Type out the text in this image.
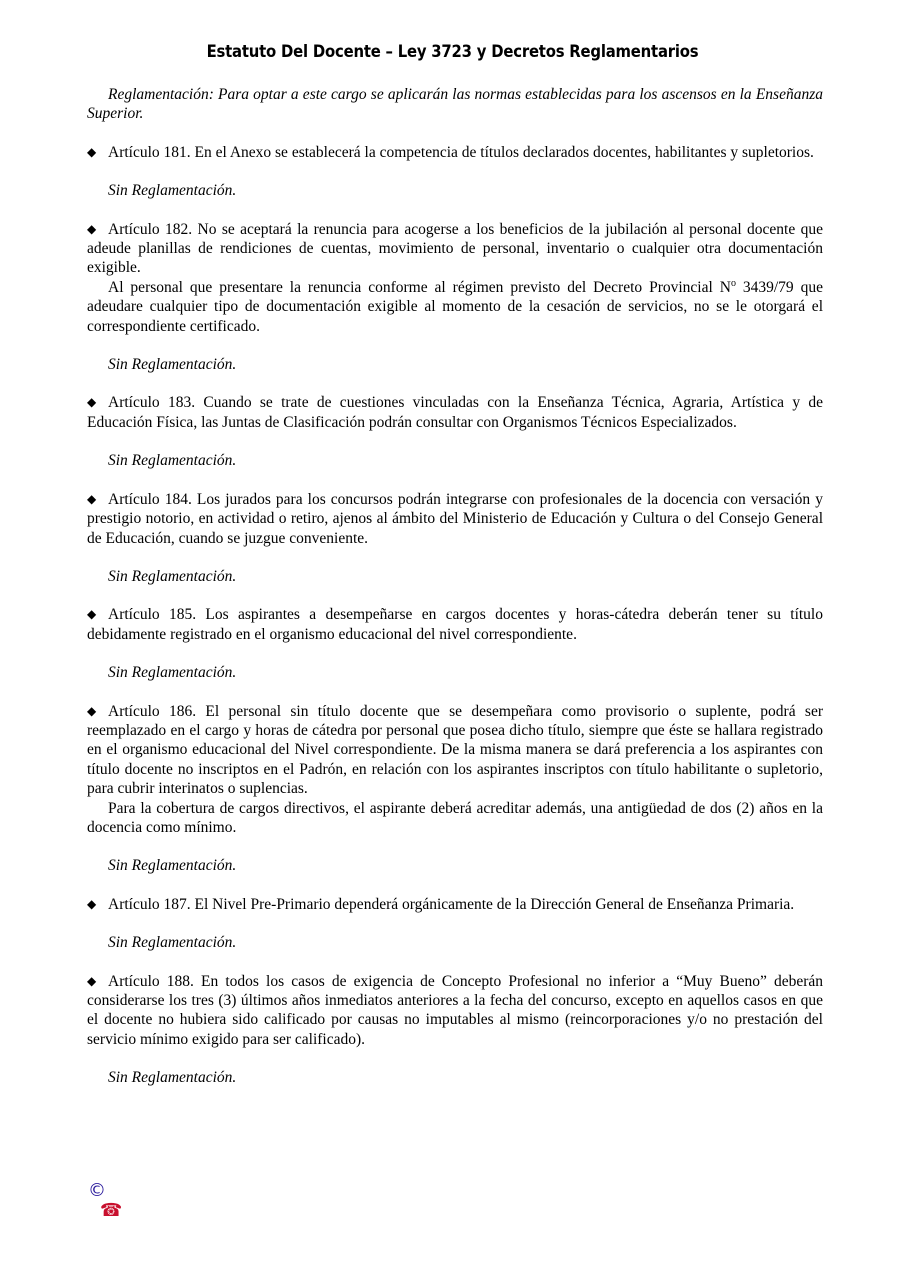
Estatuto Del Docente – Ley 3723 y Decretos Reglamentarios

Reglamentación: Para optar a este cargo se aplicarán las normas establecidas para los ascensos en la Enseñanza Superior.

◆ Artículo 181. En el Anexo se establecerá la competencia de títulos declarados docentes, habilitantes y supletorios.

Sin Reglamentación.

◆ Artículo 182. No se aceptará la renuncia para acogerse a los beneficios de la jubilación al personal docente que adeude planillas de rendiciones de cuentas, movimiento de personal, inventario o cualquier otra documentación exigible.

Al personal que presentare la renuncia conforme al régimen previsto del Decreto Provincial $N^o$ 3439/79 que adeudare cualquier tipo de documentación exigible al momento de la cesación de servicios, no se le otorgará el correspondiente certificado.

Sin Reglamentación.

◆ Artículo 183. Cuando se trate de cuestiones vinculadas con la Enseñanza Técnica, Agraria, Artística y de Educación Física, las Juntas de Clasificación podrán consultar con Organismos Técnicos Especializados.

Sin Reglamentación.

◆ Artículo 184. Los jurados para los concursos podrán integrarse con profesionales de la docencia con versación y prestigio notorio, en actividad o retiro, ajenos al ámbito del Ministerio de Educación y Cultura o del Consejo General de Educación, cuando se juzgue conveniente.

Sin Reglamentación.

◆ Artículo 185. Los aspirantes a desempeñarse en cargos docentes y horas-cátedra deberán tener su título debidamente registrado en el organismo educacional del nivel correspondiente.

Sin Reglamentación.

◆ Artículo 186. El personal sin título docente que se desempeñara como provisorio o suplente, podrá ser reemplazado en el cargo y horas de cátedra por personal que posea dicho título, siempre que éste se hallara registrado en el organismo educacional del Nivel correspondiente. De la misma manera se dará preferencia a los aspirantes con título docente no inscriptos en el Padrón, en relación con los aspirantes inscriptos con título habilitante o supletorio, para cubrir interinatos o suplencias.

Para la cobertura de cargos directivos, el aspirante deberá acreditar además, una antigüedad de dos (2) años en la docencia como mínimo.

Sin Reglamentación.

◆ Artículo 187. El Nivel Pre-Primario dependerá orgánicamente de la Dirección General de Enseñanza Primaria.

Sin Reglamentación.

◆ Artículo 188. En todos los casos de exigencia de Concepto Profesional no inferior a “Muy Bueno” deberán considerarse los tres (3) últimos años inmediatos anteriores a la fecha del concurso, excepto en aquellos casos en que el docente no hubiera sido calificado por causas no imputables al mismo (reincorporaciones y/o no prestación del servicio mínimo exigido para ser calificado).

Sin Reglamentación.

©
☎
